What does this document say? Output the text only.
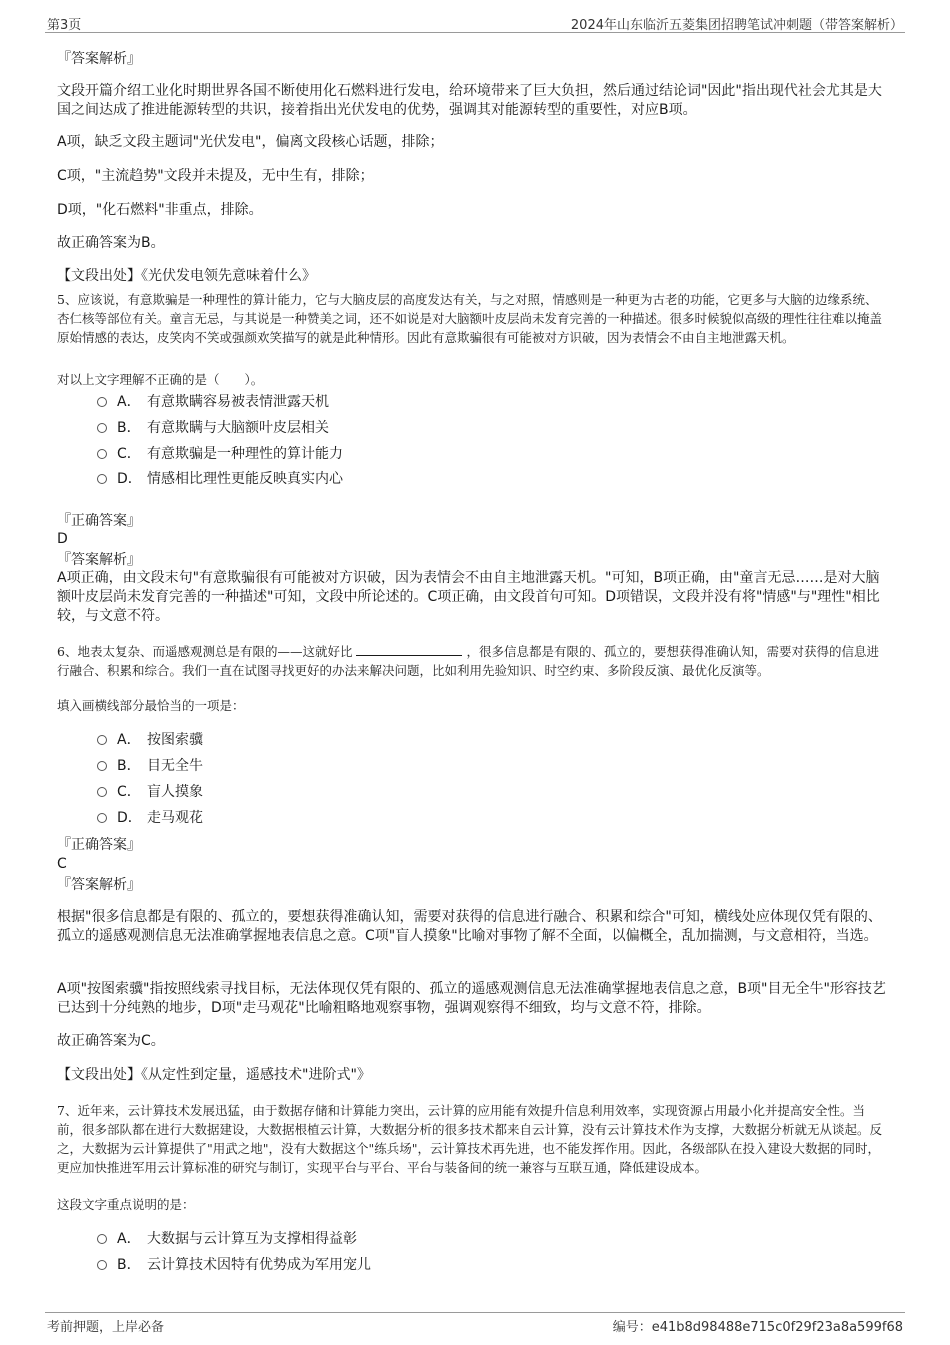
第3页	2024年山东临沂五菱集团招聘笔试冲刺题（带答案解析）
『答案解析』
文段开篇介绍工业化时期世界各国不断使用化石燃料进行发电，给环境带来了巨大负担，然后通过结论词"因此"指出现代社会尤其是大国之间达成了推进能源转型的共识，接着指出光伏发电的优势，强调其对能源转型的重要性，对应B项。
A项，缺乏文段主题词"光伏发电"，偏离文段核心话题，排除；
C项，"主流趋势"文段并未提及，无中生有，排除；
D项，"化石燃料"非重点，排除。
故正确答案为B。
【文段出处】《光伏发电领先意味着什么》
5、应该说，有意欺骗是一种理性的算计能力，它与大脑皮层的高度发达有关，与之对照，情感则是一种更为古老的功能，它更多与大脑的边缘系统、杏仁核等部位有关。童言无忌，与其说是一种赞美之词，还不如说是对大脑额叶皮层尚未发育完善的一种描述。很多时候貌似高级的理性往往难以掩盖原始情感的表达，皮笑肉不笑或强颜欢笑描写的就是此种情形。因此有意欺骗很有可能被对方识破，因为表情会不由自主地泄露天机。
对以上文字理解不正确的是（　　）。
A． 有意欺瞒容易被表情泄露天机
B． 有意欺瞒与大脑额叶皮层相关
C． 有意欺骗是一种理性的算计能力
D． 情感相比理性更能反映真实内心
『正确答案』
D
『答案解析』
A项正确，由文段末句"有意欺骗很有可能被对方识破，因为表情会不由自主地泄露天机。"可知，B项正确，由"童言无忌……是对大脑额叶皮层尚未发育完善的一种描述"可知，文段中所论述的。C项正确，由文段首句可知。D项错误，文段并没有将"情感"与"理性"相比较，与文意不符。
6、地表太复杂、而遥感观测总是有限的——这就好比	，很多信息都是有限的、孤立的，要想获得准确认知，需要对获得的信息进行融合、积累和综合。我们一直在试图寻找更好的办法来解决问题，比如利用先验知识、时空约束、多阶段反演、最优化反演等。
填入画横线部分最恰当的一项是：
A． 按图索骥
B． 目无全牛
C． 盲人摸象
D． 走马观花
『正确答案』
C
『答案解析』
根据"很多信息都是有限的、孤立的，要想获得准确认知，需要对获得的信息进行融合、积累和综合"可知，横线处应体现仅凭有限的、孤立的遥感观测信息无法准确掌握地表信息之意。C项"盲人摸象"比喻对事物了解不全面，以偏概全，乱加揣测，与文意相符，当选。
A项"按图索骥"指按照线索寻找目标，无法体现仅凭有限的、孤立的遥感观测信息无法准确掌握地表信息之意，B项"目无全牛"形容技艺已达到十分纯熟的地步，D项"走马观花"比喻粗略地观察事物，强调观察得不细致，均与文意不符，排除。
故正确答案为C。
【文段出处】《从定性到定量，遥感技术"进阶式"》
7、近年来，云计算技术发展迅猛，由于数据存储和计算能力突出，云计算的应用能有效提升信息利用效率，实现资源占用最小化并提高安全性。当前，很多部队都在进行大数据建设，大数据根植云计算，大数据分析的很多技术都来自云计算，没有云计算技术作为支撑，大数据分析就无从谈起。反之，大数据为云计算提供了"用武之地"，没有大数据这个"练兵场"，云计算技术再先进，也不能发挥作用。因此，各级部队在投入建设大数据的同时，更应加快推进军用云计算标准的研究与制订，实现平台与平台、平台与装备间的统一兼容与互联互通，降低建设成本。
这段文字重点说明的是：
A． 大数据与云计算互为支撑相得益彰
B． 云计算技术因特有优势成为军用宠儿
考前押题，上岸必备	编号：e41b8d98488e715c0f29f23a8a599f68
